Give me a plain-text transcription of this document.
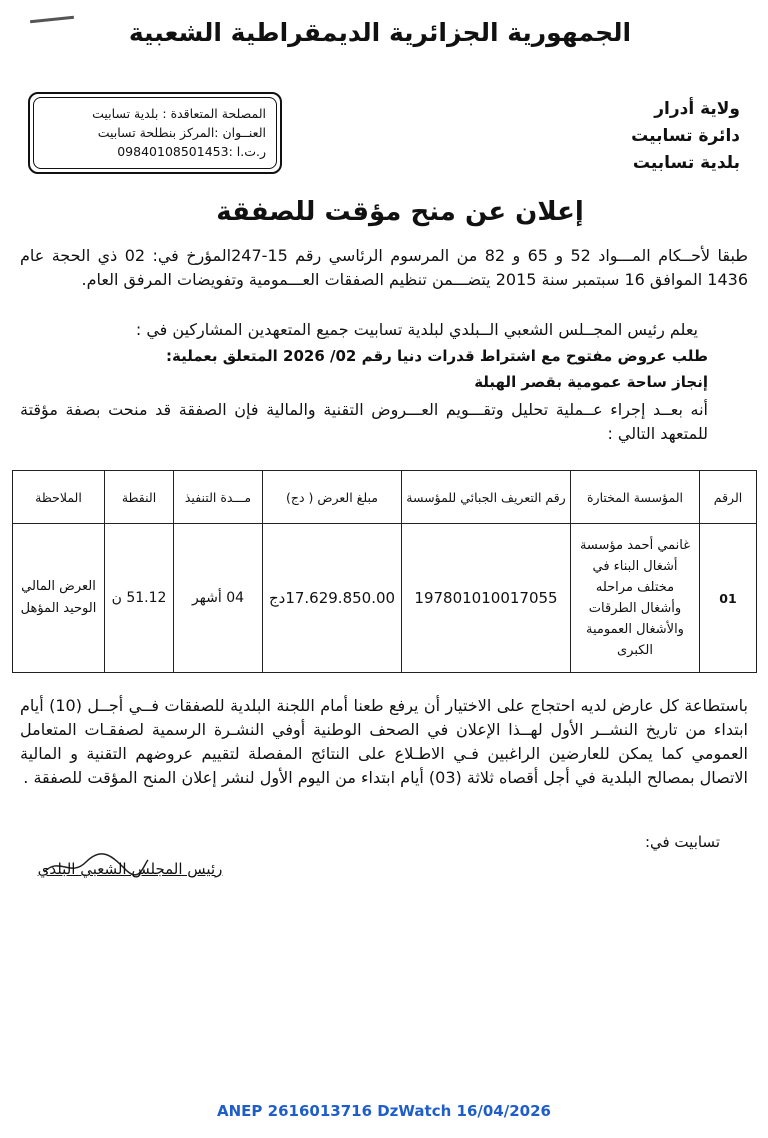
الجمهورية الجزائرية الديمقراطية الشعبية
المصلحة المتعاقدة : بلدية تسابيت
العنــوان :المركز بنطلحة تسابيت
ر.ت.ا :09840108501453
ولاية أدرار
دائرة تسابيت
بلدية تسابيت
إعلان عن منح مؤقت للصفقة
طبقا لأحــكام المـــواد 52 و 65 و 82 من المرسوم الرئاسي رقم 15-247المؤرخ في: 02 ذي الحجة عام 1436 الموافق 16 سبتمبر سنة 2015 يتضـــمن تنظيم الصفقات العـــمومية وتفويضات المرفق العام.
يعلم رئيس المجــلس الشعبي الــبلدي لبلدية تسابيت جميع المتعهدين المشاركين في :
طلب عروض مفتوح مع اشتراط قدرات دنيا رقم 02/ 2026 المتعلق بعملية:
إنجاز ساحة عمومية بقصر الهبلة
أنه بعــد إجراء عــملية تحليل وتقـــويم العـــروض التقنية والمالية فإن الصفقة قد منحت بصفة مؤقتة للمتعهد التالي :
الرقم	المؤسسة المختارة	رقم التعريف الجبائي للمؤسسة	مبلغ العرض ( دج)	مـــدة التنفيذ	النقطة	الملاحظة
01	غانمي أحمد مؤسسة أشغال البناء في مختلف مراحله وأشغال الطرقات والأشغال العمومية الكبرى	197801010017055	17.629.850.00دج	04 أشهر	51.12 ن	العرض المالي الوحيد المؤهل
باستطاعة كل عارض لديه احتجاج على الاختيار أن يرفع طعنا أمام اللجنة البلدية للصفقات فــي أجــل (10) أيام ابتداء من تاريخ النشــر الأول لهــذا الإعلان في الصحف الوطنية أوفي النشـرة الرسمية لصفقـات المتعامل العمومي كما يمكن للعارضين الراغبين فـي الاطـلاع على النتائج المفصلة لتقييم عروضهم التقنية و المالية الاتصال بمصالح البلدية في أجل أقصاه ثلاثة (03) أيام ابتداء من اليوم الأول لنشر إعلان المنح المؤقت للصفقة .
تسابيت في:
رئيس المجلس الشعبي البلدي
ANEP 2616013716 DzWatch 16/04/2026
